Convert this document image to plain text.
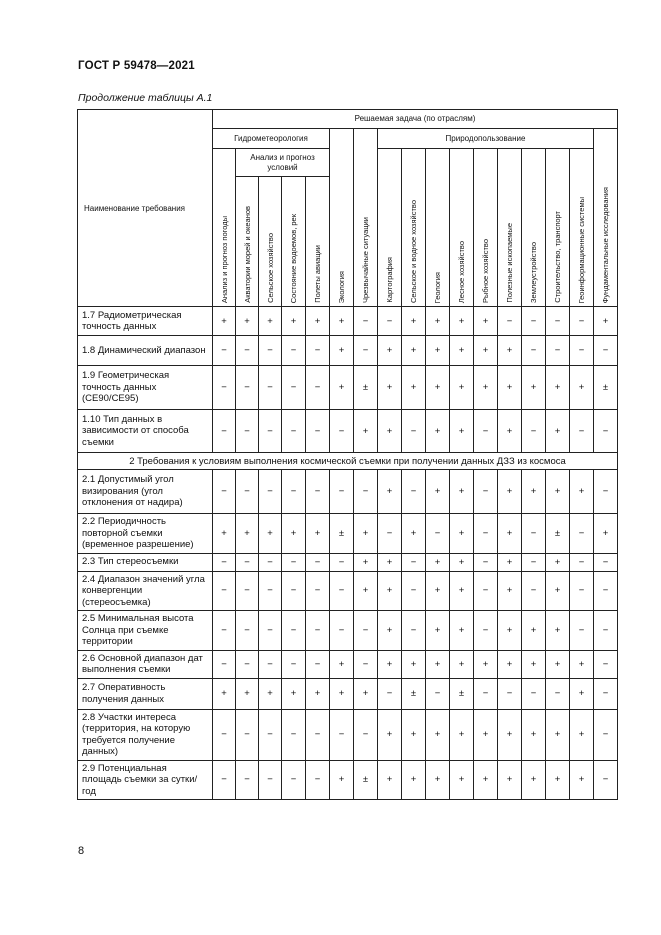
ГОСТ Р 59478—2021
Продолжение таблицы А.1
Наименование требования	Решаемая задача (по отраслям)																
	Гидрометеорология					Экология	Чрезвычайные ситуации	Природопользование									Фундаментальные исследования

	Анализ и прогноз погоды	Анализ и прогноз условий						Картография	Сельское и водное хозяйство	Геология	Лесное хозяйство	Рыбное хозяйство	Полезные ископаемые	Землеустройство	Строительство, транспорт	Геоинформационные системы	

		Акватории морей и океанов	Сельское хозяйство	Состояние водоемов, рек	Полеты авиации												

1.7 Радиометрическая точность данных	+	+	+	+	+	+	−	−	+	+	+	+	−	−	−	−	+
1.8 Динамический диапазон	−	−	−	−	−	+	−	+	+	+	+	+	+	−	−	−	−
1.9 Геометрическая точность данных (CE90/CE95)	−	−	−	−	−	+	±	+	+	+	+	+	+	+	+	+	±
1.10 Тип данных в зависимости от способа съемки	−	−	−	−	−	−	+	+	−	+	+	−	+	−	+	−	−
2 Требования к условиям выполнения космической съемки при получении данных ДЗЗ из космоса																	
2.1 Допустимый угол визирования (угол отклонения от надира)	−	−	−	−	−	−	−	+	−	+	+	−	+	+	+	+	−
2.2 Периодичность повторной съемки (временное разрешение)	+	+	+	+	+	±	+	−	+	−	+	−	+	−	±	−	+
2.3 Тип стереосъемки	−	−	−	−	−	−	+	+	−	+	+	−	+	−	+	−	−
2.4 Диапазон значений угла конвергенции (стереосъемка)	−	−	−	−	−	−	+	+	−	+	+	−	+	−	+	−	−
2.5 Минимальная высота Солнца при съемке территории	−	−	−	−	−	−	−	+	−	+	+	−	+	+	+	−	−
2.6 Основной диапазон дат выполнения съемки	−	−	−	−	−	+	−	+	+	+	+	+	+	+	+	+	−
2.7 Оперативность получения данных	+	+	+	+	+	+	+	−	±	−	±	−	−	−	−	+	−
2.8 Участки интереса (территория, на которую требуется получение данных)	−	−	−	−	−	−	−	+	+	+	+	+	+	+	+	+	−
2.9 Потенциальная площадь съемки за сутки/год	−	−	−	−	−	+	±	+	+	+	+	+	+	+	+	+	−
8
